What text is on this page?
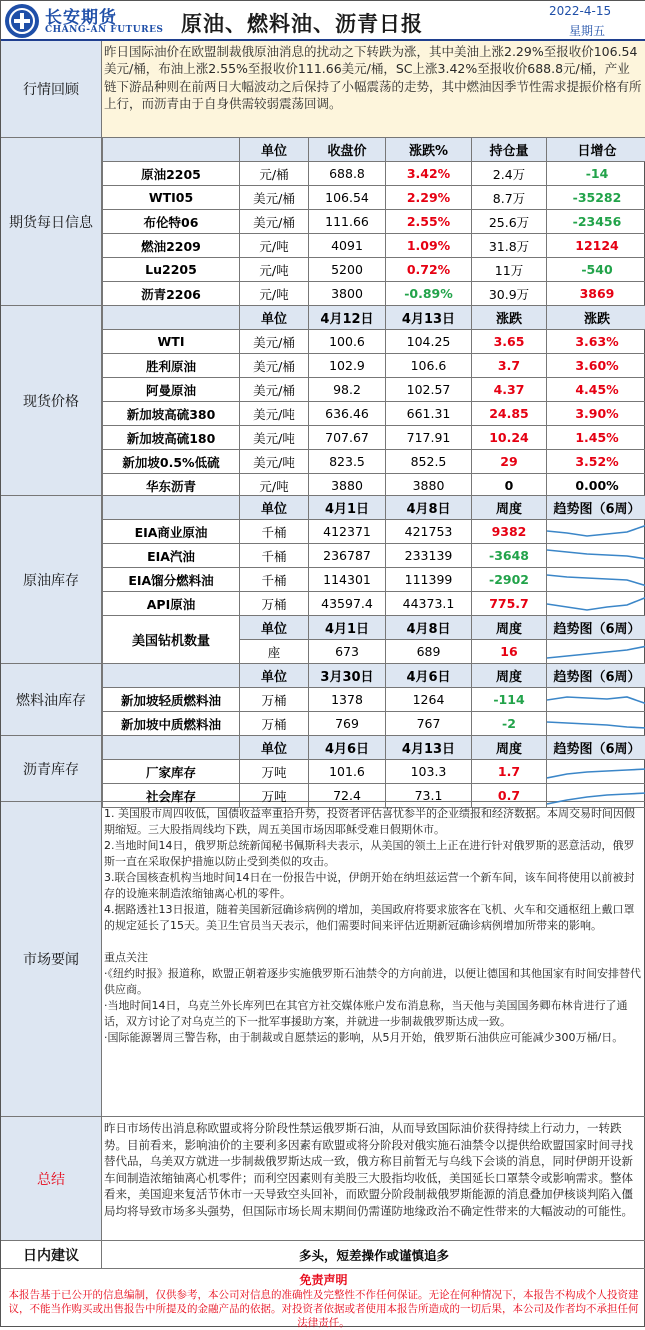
长安期货
CHANG-AN FUTURES 原油、燃料油、沥青日报
2022-4-15
星期五
行情回顾
昨日国际油价在欧盟制裁俄原油消息的扰动之下转跌为涨，其中美油上涨2.29%至报收价106.54美元/桶，布油上涨2.55%至报收价111.66美元/桶，SC上涨3.42%至报收价688.8元/桶，产业链下游品种则在前两日大幅波动之后保持了小幅震荡的走势，其中燃油因季节性需求提振价格有所上行，而沥青由于自身供需较弱震荡回调。
期货每日信息
	单位	收盘价	涨跌%	持仓量	日增仓
原油2205	元/桶	688.8	3.42%	2.4万	-14
WTI05	美元/桶	106.54	2.29%	8.7万	-35282
布伦特06	美元/桶	111.66	2.55%	25.6万	-23456
燃油2209	元/吨	4091	1.09%	31.8万	12124
Lu2205	元/吨	5200	0.72%	11万	-540
沥青2206	元/吨	3800	-0.89%	30.9万	3869
现货价格
	单位	4月12日	4月13日	涨跌	涨跌
WTI	美元/桶	100.6	104.25	3.65	3.63%
胜利原油	美元/桶	102.9	106.6	3.7	3.60%
阿曼原油	美元/桶	98.2	102.57	4.37	4.45%
新加坡高硫380	美元/吨	636.46	661.31	24.85	3.90%
新加坡高硫180	美元/吨	707.67	717.91	10.24	1.45%
新加坡0.5%低硫	美元/吨	823.5	852.5	29	3.52%
华东沥青	元/吨	3880	3880	0	0.00%
原油库存
	单位	4月1日	4月8日	周度	趋势图（6周）
EIA商业原油	千桶	412371	421753	9382	

EIA汽油	千桶	236787	233139	-3648	

EIA馏分燃料油	千桶	114301	111399	-2902	

API原油	万桶	43597.4	44373.1	775.7	

美国钻机数量	单位	4月1日	4月8日	周度	趋势图（6周）
	座	673	689	16	
燃料油库存
	单位	3月30日	4月6日	周度	趋势图（6周）
新加坡轻质燃料油	万桶	1378	1264	-114	

新加坡中质燃料油	万桶	769	767	-2	
沥青库存
	单位	4月6日	4月13日	周度	趋势图（6周）
厂家库存	万吨	101.6	103.3	1.7	

社会库存	万吨	72.4	73.1	0.7	
市场要闻

1. 美国股市周四收低，国债收益率重拾升势，投资者评估喜忧参半的企业绩报和经济数据。本周交易时间因假期缩短。三大股指周线均下跌，周五美国市场因耶稣受难日假期休市。

2.当地时间14日，俄罗斯总统新闻秘书佩斯科夫表示，从美国的领土上正在进行针对俄罗斯的恶意活动，俄罗斯一直在采取保护措施以防止受到类似的攻击。

3.联合国核查机构当地时间14日在一份报告中说，伊朗开始在纳坦兹运营一个新车间，该车间将使用以前被封存的设施来制造浓缩铀离心机的零件。

4.据路透社13日报道，随着美国新冠确诊病例的增加，美国政府将要求旅客在飞机、火车和交通枢纽上戴口罩的规定延长了15天。美卫生官员当天表示，他们需要时间来评估近期新冠确诊病例增加所带来的影响。

重点关注

·《纽约时报》报道称，欧盟正朝着逐步实施俄罗斯石油禁令的方向前进，以便让德国和其他国家有时间安排替代供应商。

·当地时间14日，乌克兰外长库列巴在其官方社交媒体账户发布消息称，当天他与美国国务卿布林肯进行了通话，双方讨论了对乌克兰的下一批军事援助方案，并就进一步制裁俄罗斯达成一致。

·国际能源署周三警告称，由于制裁或自愿禁运的影响，从5月开始，俄罗斯石油供应可能减少300万桶/日。

总结
昨日市场传出消息称欧盟或将分阶段性禁运俄罗斯石油，从而导致国际油价获得持续上行动力，一转跌势。目前看来，影响油价的主要利多因素有欧盟或将分阶段对俄实施石油禁令以提供给欧盟国家时间寻找替代品，乌美双方就进一步制裁俄罗斯达成一致，俄方称目前暂无与乌线下会谈的消息，同时伊朗开设新车间制造浓缩铀离心机零件；而利空因素则有美股三大股指均收低，美国延长口罩禁令或影响需求。整体看来，美国迎来复活节休市一天导致空头回补，而欧盟分阶段制裁俄罗斯能源的消息叠加伊核谈判陷入僵局均将导致市场多头强势，但国际市场长周末期间仍需谨防地缘政治不确定性带来的大幅波动的可能性。
日内建议	多头，短差操作或谨慎追多
免责声明
本报告基于已公开的信息编制，仅供参考，本公司对信息的准确性及完整性不作任何保证。无论在何种情况下，本报告不构成个人投资建议，不能当作购买或出售报告中所提及的金融产品的依据。对投资者依据或者使用本报告所造成的一切后果，本公司及作者均不承担任何法律责任。
